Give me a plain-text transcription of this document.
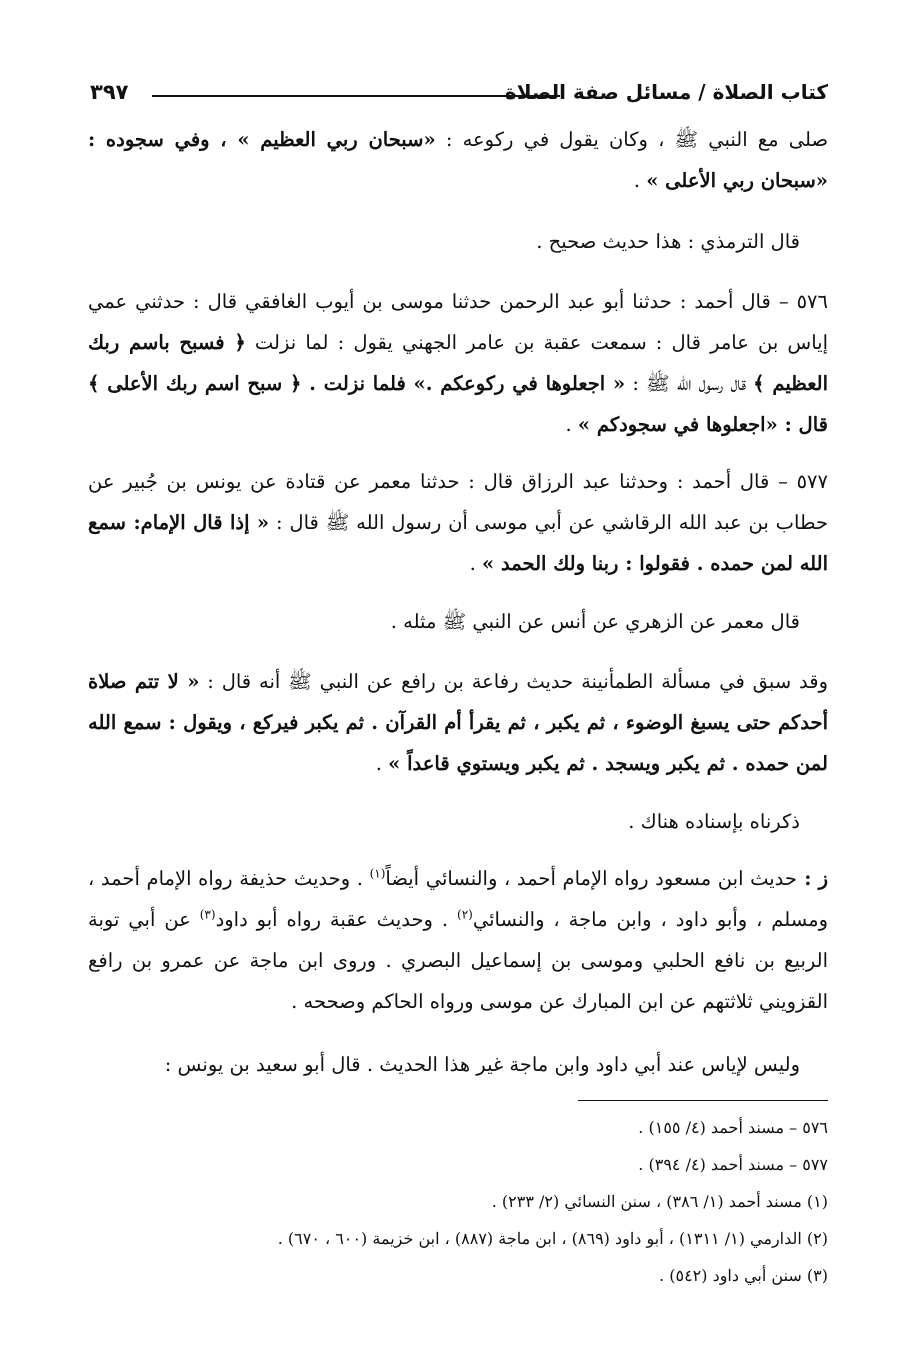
كتاب الصلاة / مسائل صفة الصلاة
٣٩٧
صلى مع النبي ﷺ ، وكان يقول في ركوعه : «سبحان ربي العظيم » ، وفي سجوده : «سبحان ربي الأعلى » .
قال الترمذي : هذا حديث صحيح .
٥٧٦ – قال أحمد : حدثنا أبو عبد الرحمن حدثنا موسى بن أيوب الغافقي قال : حدثني عمي إياس بن عامر قال : سمعت عقبة بن عامر الجهني يقول : لما نزلت ﴿ فسبح باسم ربك العظيم ﴾ قال رسول الله ﷺ : « اجعلوها في ركوعكم .» فلما نزلت . ﴿ سبح اسم ربك الأعلى ﴾ قال : «اجعلوها في سجودكم » .
٥٧٧ – قال أحمد : وحدثنا عبد الرزاق قال : حدثنا معمر عن قتادة عن يونس بن جُبير عن حطاب بن عبد الله الرقاشي عن أبي موسى أن رسول الله ﷺ قال : « إذا قال الإمام: سمع الله لمن حمده . فقولوا : ربنا ولك الحمد » .
قال معمر عن الزهري عن أنس عن النبي ﷺ مثله .
وقد سبق في مسألة الطمأنينة حديث رفاعة بن رافع عن النبي ﷺ أنه قال : « لا تتم صلاة أحدكم حتى يسبغ الوضوء ، ثم يكبر ، ثم يقرأ أم القرآن . ثم يكبر فيركع ، ويقول : سمع الله لمن حمده . ثم يكبر ويسجد . ثم يكبر ويستوي قاعداً » .
ذكرناه بإسناده هناك .
ز : حديث ابن مسعود رواه الإمام أحمد ، والنسائي أيضاً$^{(١)}$ . وحديث حذيفة رواه الإمام أحمد ، ومسلم ، وأبو داود ، وابن ماجة ، والنسائي$^{(٢)}$ . وحديث عقبة رواه أبو داود$^{(٣)}$ عن أبي توبة الربيع بن نافع الحلبي وموسى بن إسماعيل البصري . وروى ابن ماجة عن عمرو بن رافع القزويني ثلاثتهم عن ابن المبارك عن موسى ورواه الحاكم وصححه .
وليس لإياس عند أبي داود وابن ماجة غير هذا الحديث . قال أبو سعيد بن يونس :
٥٧٦ – مسند أحمد (٤/ ١٥٥) .
٥٧٧ – مسند أحمد (٤/ ٣٩٤) .
(١) مسند أحمد (١/ ٣٨٦) ، سنن النسائي (٢/ ٢٣٣) .
(٢) الدارمي (١/ ١٣١١) ، أبو داود (٨٦٩) ، ابن ماجة (٨٨٧) ، ابن خزيمة (٦٠٠ ، ٦٧٠) .
(٣) سنن أبي داود (٥٤٢) .
